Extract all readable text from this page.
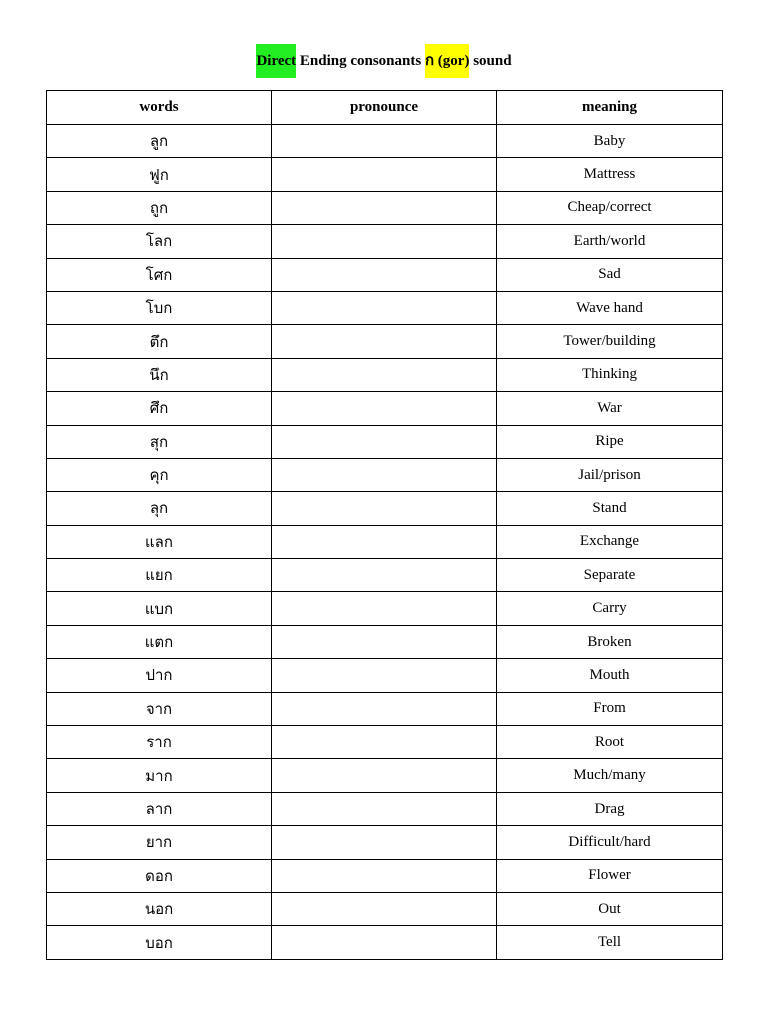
Direct Ending consonants ก (gor) sound
words	pronounce	meaning
ลูก		Baby
ฟูก		Mattress
ถูก		Cheap/correct
โลก		Earth/world
โศก		Sad
โบก		Wave hand
ตึก		Tower/building
นึก		Thinking
ศึก		War
สุก		Ripe
คุก		Jail/prison
ลุก		Stand
แลก		Exchange
แยก		Separate
แบก		Carry
แตก		Broken
ปาก		Mouth
จาก		From
ราก		Root
มาก		Much/many
ลาก		Drag
ยาก		Difficult/hard
ดอก		Flower
นอก		Out
บอก		Tell
